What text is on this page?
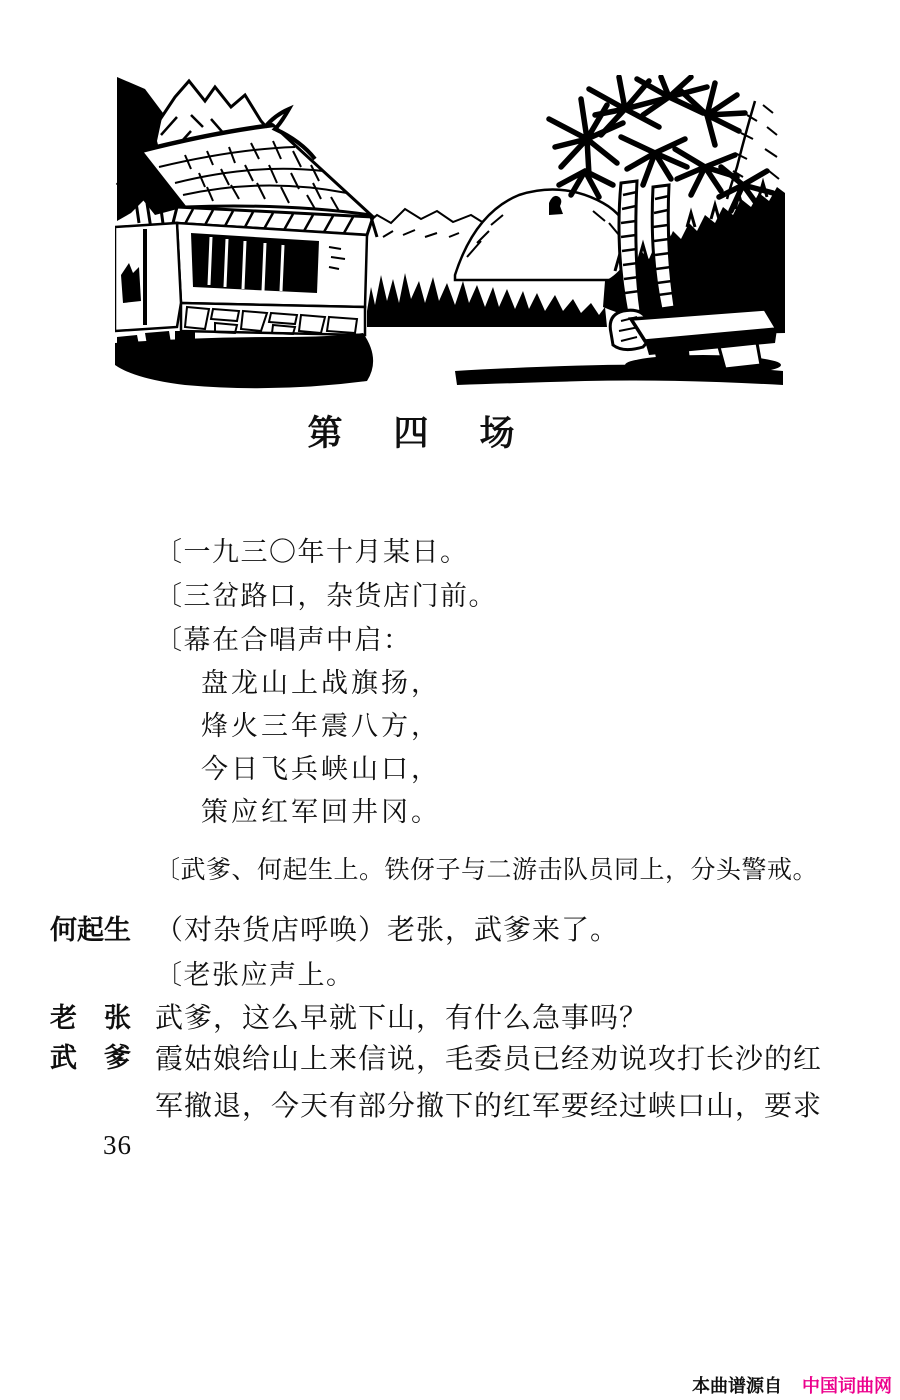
第　四　场
〔一九三〇年十月某日。
〔三岔路口，杂货店门前。
〔幕在合唱声中启：
盘龙山上战旗扬，
烽火三年震八方，
今日飞兵峡山口，
策应红军回井冈。
〔武爹、何起生上。铁伢子与二游击队员同上，分头警戒。
何起生 （对杂货店呼唤）老张，武爹来了。
〔老张应声上。
老　张 武爹，这么早就下山，有什么急事吗？
武　爹 霞姑娘给山上来信说，毛委员已经劝说攻打长沙的红
军撤退，今天有部分撤下的红军要经过峡口山，要求
36
本曲谱源自 中国词曲网
